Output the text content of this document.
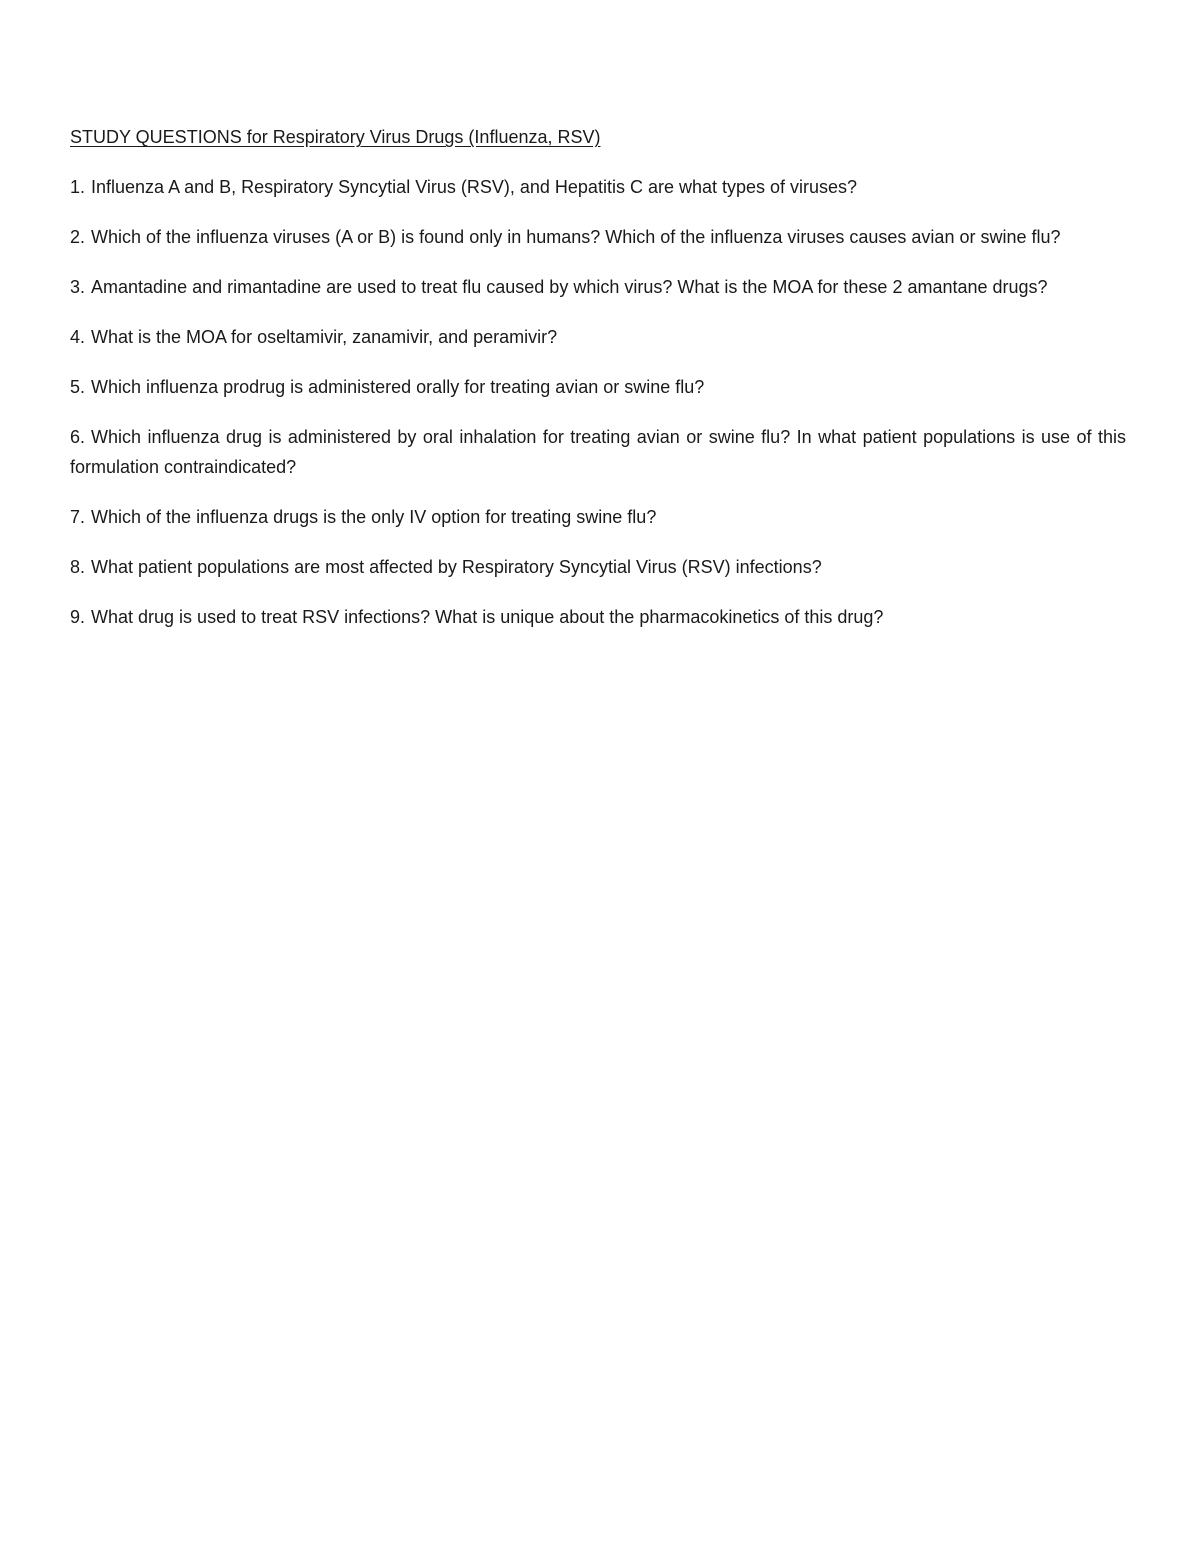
STUDY QUESTIONS for Respiratory Virus Drugs (Influenza, RSV)
1. Influenza A and B, Respiratory Syncytial Virus (RSV), and Hepatitis C are what types of viruses?
2. Which of the influenza viruses (A or B) is found only in humans? Which of the influenza viruses causes avian or swine flu?
3. Amantadine and rimantadine are used to treat flu caused by which virus? What is the MOA for these 2 amantane drugs?
4. What is the MOA for oseltamivir, zanamivir, and peramivir?
5. Which influenza prodrug is administered orally for treating avian or swine flu?
6. Which influenza drug is administered by oral inhalation for treating avian or swine flu? In what patient populations is use of this formulation contraindicated?
7. Which of the influenza drugs is the only IV option for treating swine flu?
8. What patient populations are most affected by Respiratory Syncytial Virus (RSV) infections?
9. What drug is used to treat RSV infections? What is unique about the pharmacokinetics of this drug?
